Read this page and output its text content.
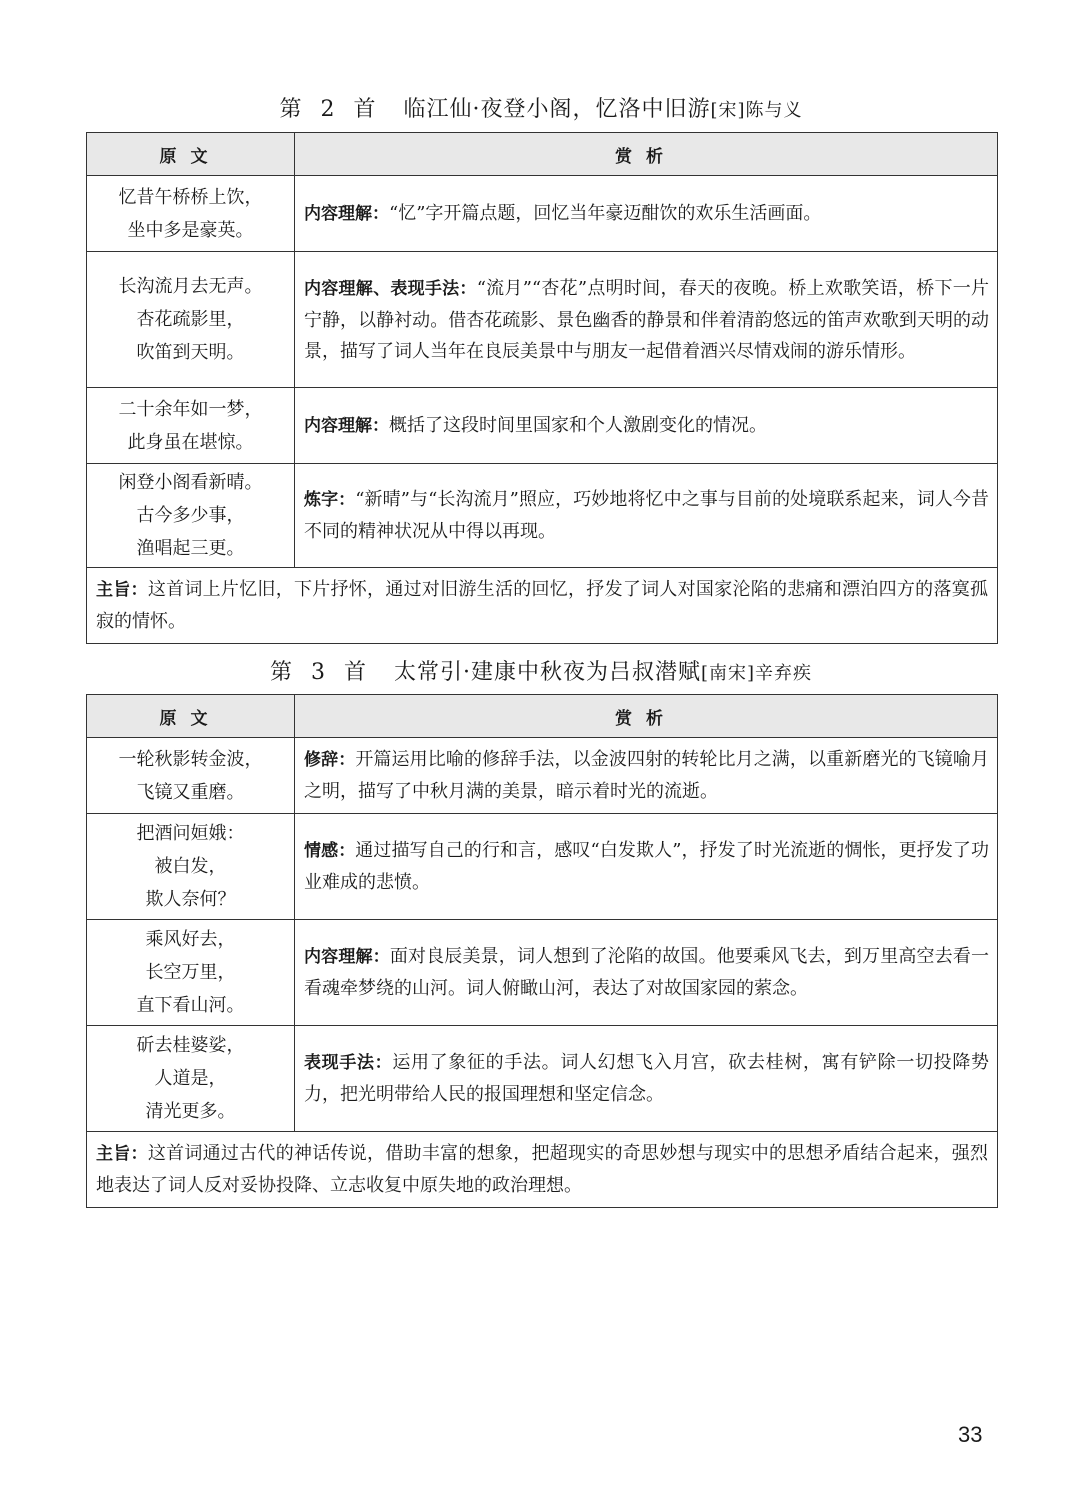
第 2 首 临江仙·夜登小阁，忆洛中旧游[宋]陈与义
原文	赏析

忆昔午桥桥上饮，
坐中多是豪英。	内容理解：“忆”字开篇点题，回忆当年豪迈酣饮的欢乐生活画面。

长沟流月去无声。
杏花疏影里，
吹笛到天明。	内容理解、表现手法：“流月”“杏花”点明时间，春天的夜晚。桥上欢歌笑语，桥下一片宁静，以静衬动。借杏花疏影、景色幽香的静景和伴着清韵悠远的笛声欢歌到天明的动景，描写了词人当年在良辰美景中与朋友一起借着酒兴尽情戏闹的游乐情形。

二十余年如一梦，
此身虽在堪惊。	内容理解：概括了这段时间里国家和个人激剧变化的情况。

闲登小阁看新晴。
古今多少事，
渔唱起三更。	炼字：“新晴”与“长沟流月”照应，巧妙地将忆中之事与目前的处境联系起来，词人今昔不同的精神状况从中得以再现。
主旨：这首词上片忆旧，下片抒怀，通过对旧游生活的回忆，抒发了词人对国家沦陷的悲痛和漂泊四方的落寞孤寂的情怀。	
第 3 首 太常引·建康中秋夜为吕叔潜赋[南宋]辛弃疾
原文	赏析

一轮秋影转金波，
飞镜又重磨。	修辞：开篇运用比喻的修辞手法，以金波四射的转轮比月之满，以重新磨光的飞镜喻月之明，描写了中秋月满的美景，暗示着时光的流逝。

把酒问姮娥：
被白发，
欺人奈何？	情感：通过描写自己的行和言，感叹“白发欺人”，抒发了时光流逝的惆怅，更抒发了功业难成的悲愤。

乘风好去，
长空万里，
直下看山河。	内容理解：面对良辰美景，词人想到了沦陷的故国。他要乘风飞去，到万里高空去看一看魂牵梦绕的山河。词人俯瞰山河，表达了对故国家园的萦念。

斫去桂婆娑，
人道是，
清光更多。	表现手法：运用了象征的手法。词人幻想飞入月宫，砍去桂树，寓有铲除一切投降势力，把光明带给人民的报国理想和坚定信念。
主旨：这首词通过古代的神话传说，借助丰富的想象，把超现实的奇思妙想与现实中的思想矛盾结合起来，强烈地表达了词人反对妥协投降、立志收复中原失地的政治理想。	
33
